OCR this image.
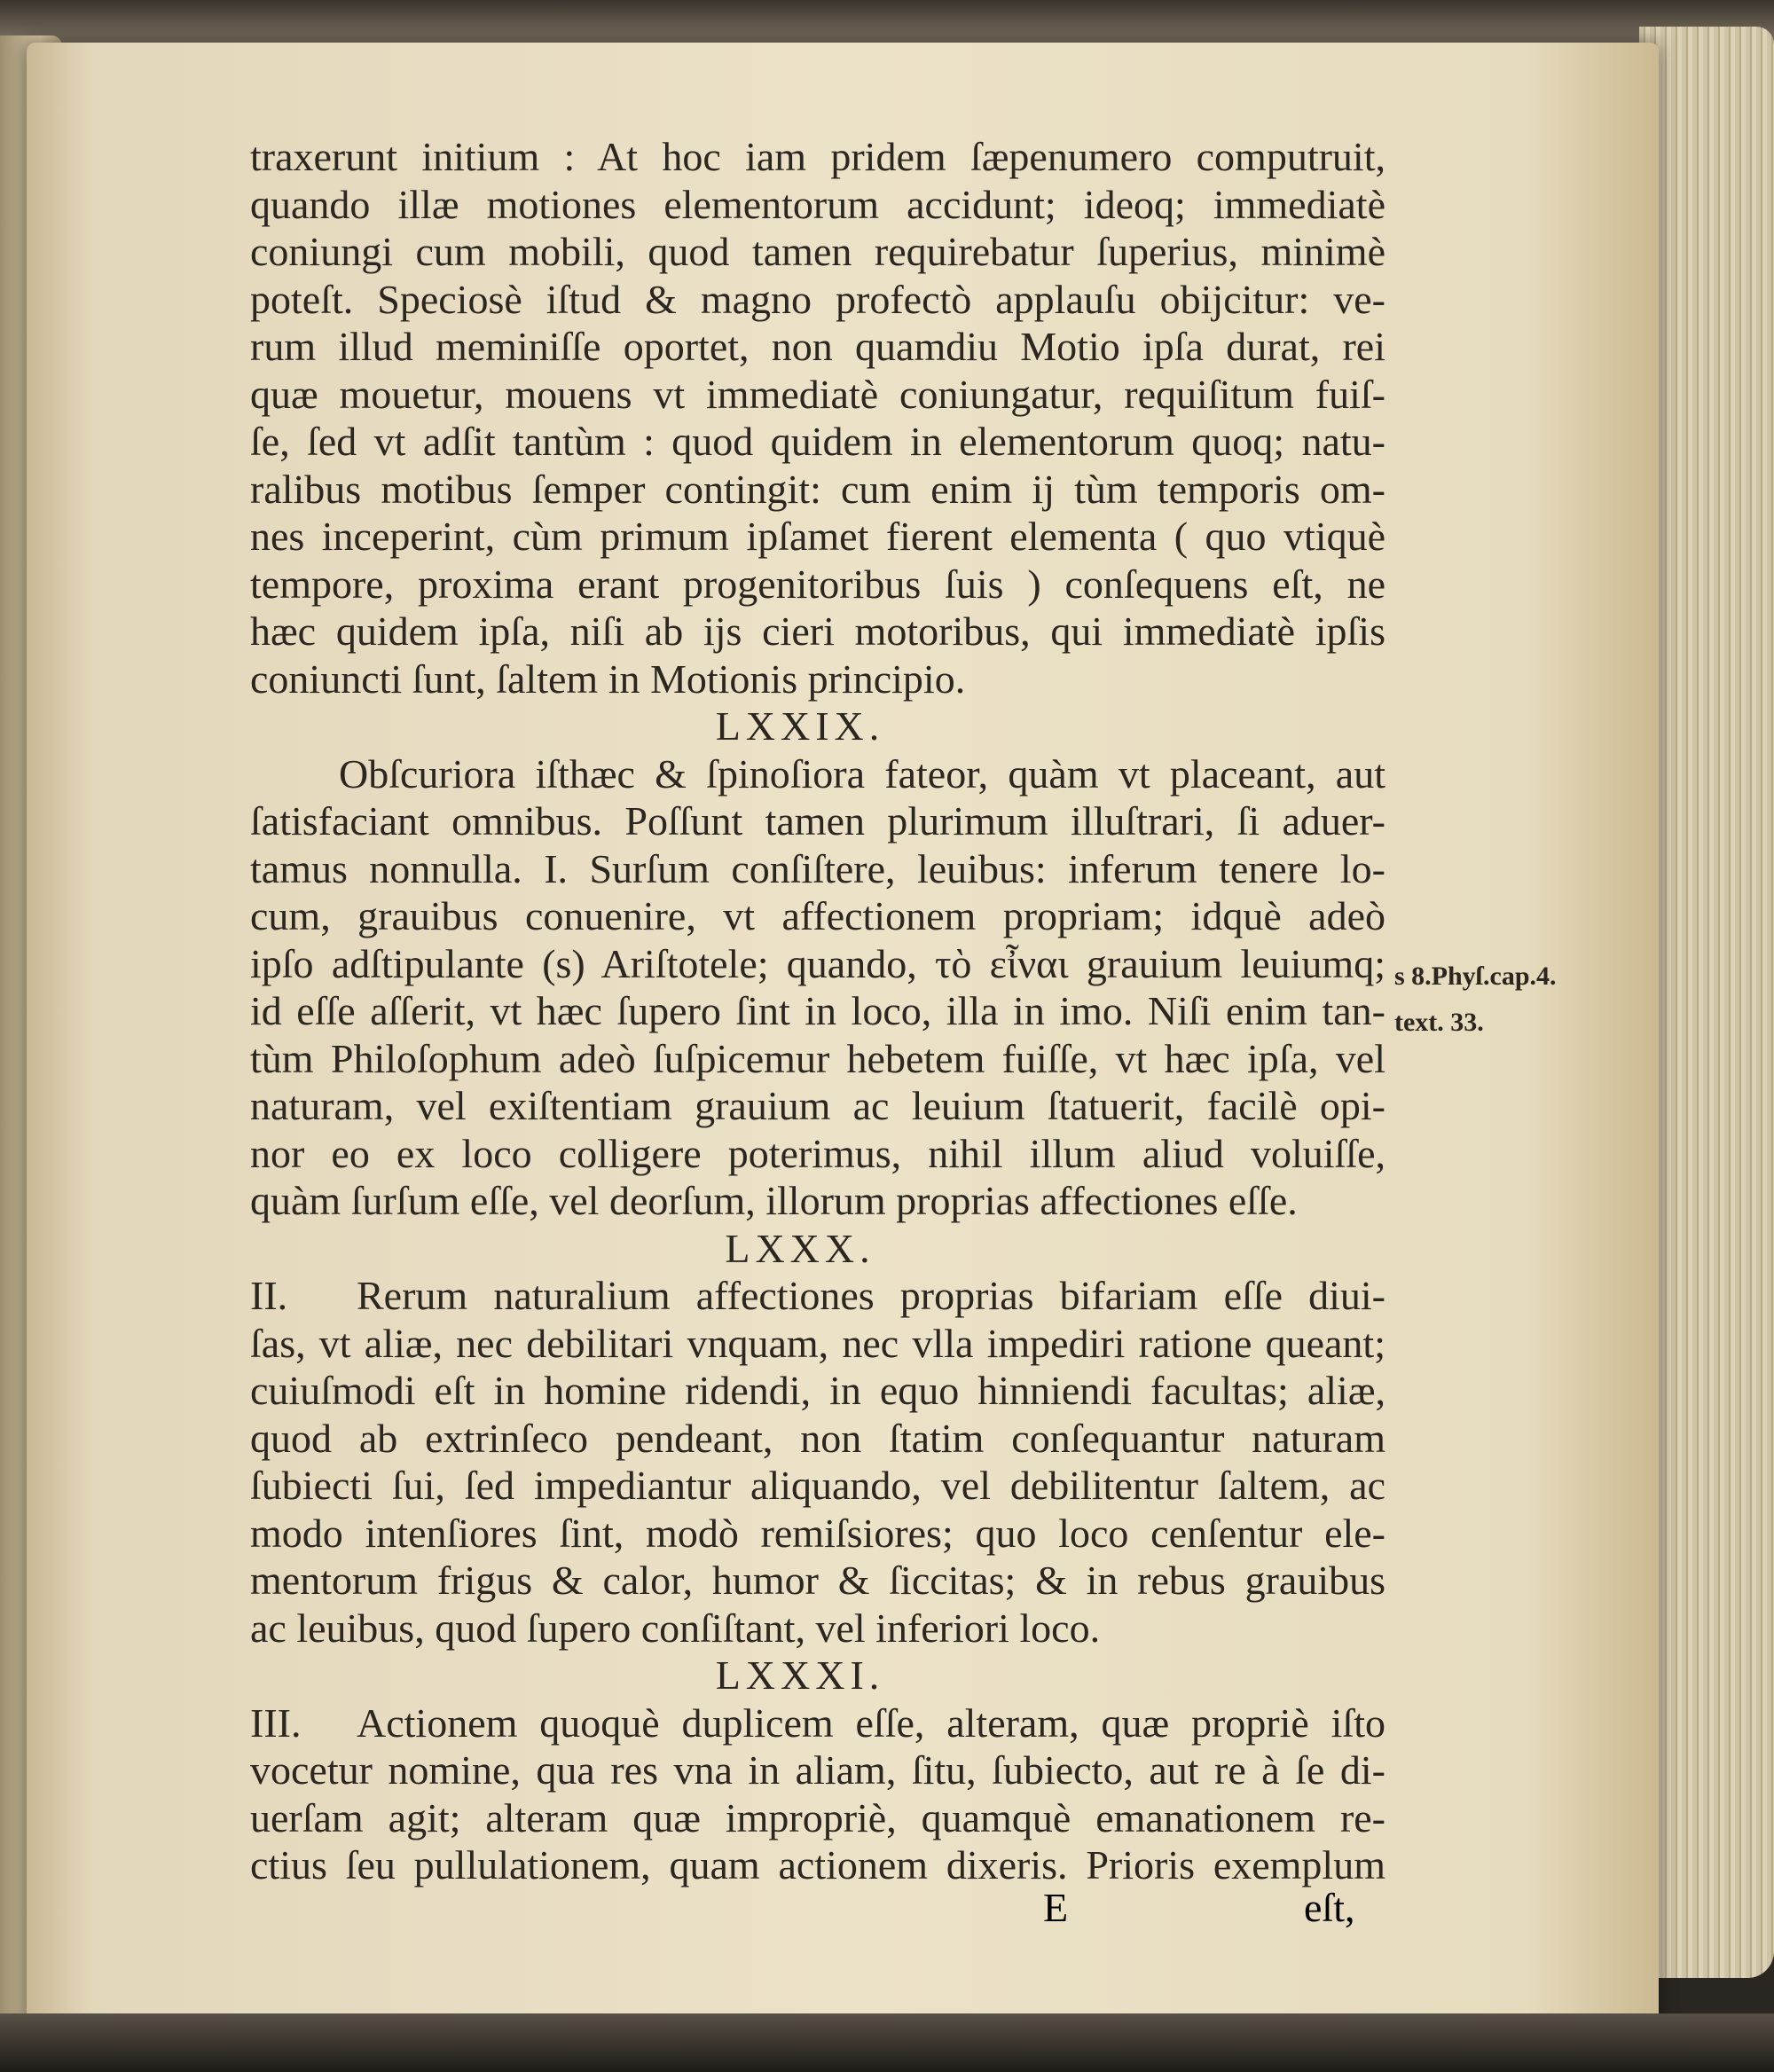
traxerunt initium : At hoc iam pridem ſæpenumero computruit,
quando illæ motiones elementorum accidunt; ideoq; immediatè
coniungi cum mobili, quod tamen requirebatur ſuperius, minimè
poteſt. Speciosè iſtud & magno profectò applauſu obijcitur: ve-
rum illud meminiſſe oportet, non quamdiu Motio ipſa durat, rei
quæ mouetur, mouens vt immediatè coniungatur, requiſitum fuiſ-
ſe, ſed vt adſit tantùm : quod quidem in elementorum quoq; natu-
ralibus motibus ſemper contingit: cum enim ij tùm temporis om-
nes inceperint, cùm primum ipſamet fierent elementa ( quo vtiquè
tempore, proxima erant progenitoribus ſuis ) conſequens eſt, ne
hæc quidem ipſa, niſi ab ijs cieri motoribus, qui immediatè ipſis
coniuncti ſunt, ſaltem in Motionis principio.
LXXIX.
Obſcuriora iſthæc & ſpinoſiora fateor, quàm vt placeant, aut
ſatisfaciant omnibus. Poſſunt tamen plurimum illuſtrari, ſi aduer-
tamus nonnulla. I. Surſum conſiſtere, leuibus: inferum tenere lo-
cum, grauibus conuenire, vt affectionem propriam; idquè adeò
ipſo adſtipulante (s) Ariſtotele; quando, τὸ εἶναι grauium leuiumq;
id eſſe aſſerit, vt hæc ſupero ſint in loco, illa in imo. Niſi enim tan-
tùm Philoſophum adeò ſuſpicemur hebetem fuiſſe, vt hæc ipſa, vel
naturam, vel exiſtentiam grauium ac leuium ſtatuerit, facilè opi-
nor eo ex loco colligere poterimus, nihil illum aliud voluiſſe,
quàm ſurſum eſſe, vel deorſum, illorum proprias affectiones eſſe.
LXXX.
II. Rerum naturalium affectiones proprias bifariam eſſe diui-
ſas, vt aliæ, nec debilitari vnquam, nec vlla impediri ratione queant;
cuiuſmodi eſt in homine ridendi, in equo hinniendi facultas; aliæ,
quod ab extrinſeco pendeant, non ſtatim conſequantur naturam
ſubiecti ſui, ſed impediantur aliquando, vel debilitentur ſaltem, ac
modo intenſiores ſint, modò remiſsiores; quo loco cenſentur ele-
mentorum frigus & calor, humor & ſiccitas; & in rebus grauibus
ac leuibus, quod ſupero conſiſtant, vel inferiori loco.
LXXXI.
III. Actionem quoquè duplicem eſſe, alteram, quæ propriè iſto
vocetur nomine, qua res vna in aliam, ſitu, ſubiecto, aut re à ſe di-
uerſam agit; alteram quæ impropriè, quamquè emanationem re-
ctius ſeu pullulationem, quam actionem dixeris. Prioris exemplum
s 8.Phyſ.cap.4.
text. 33.
E	eſt,
